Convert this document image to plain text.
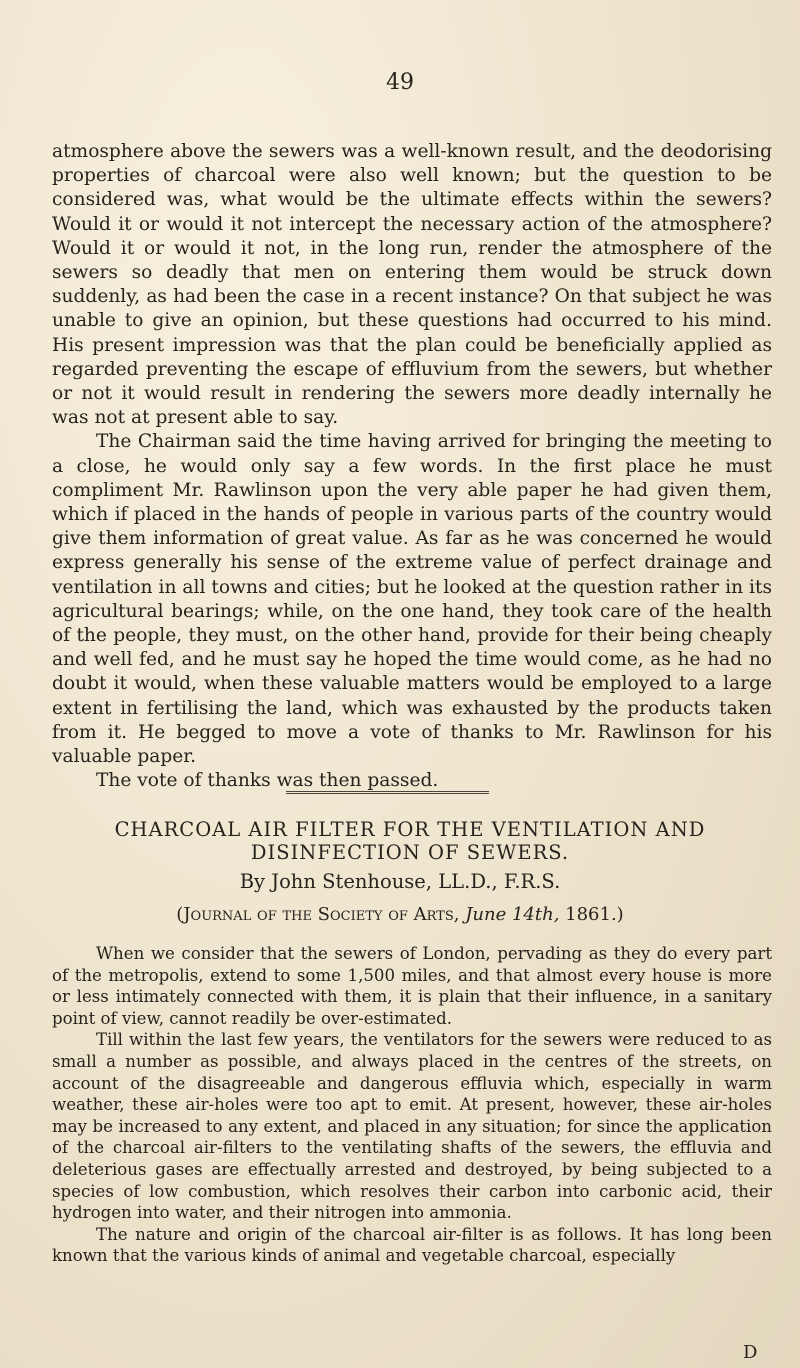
49

atmosphere above the sewers was a well-known result, and the deodorising properties of charcoal were also well known; but the question to be considered was, what would be the ultimate effects within the sewers? Would it or would it not intercept the necessary action of the atmosphere? Would it or would it not, in the long run, render the atmosphere of the sewers so deadly that men on entering them would be struck down suddenly, as had been the case in a recent instance? On that subject he was unable to give an opinion, but these questions had occurred to his mind. His present impression was that the plan could be beneficially applied as regarded preventing the escape of effluvium from the sewers, but whether or not it would result in rendering the sewers more deadly internally he was not at present able to say.

The Chairman said the time having arrived for bringing the meeting to a close, he would only say a few words. In the first place he must compliment Mr. Rawlinson upon the very able paper he had given them, which if placed in the hands of people in various parts of the country would give them information of great value. As far as he was concerned he would express generally his sense of the extreme value of perfect drainage and ventilation in all towns and cities; but he looked at the question rather in its agricultural bearings; while, on the one hand, they took care of the health of the people, they must, on the other hand, provide for their being cheaply and well fed, and he must say he hoped the time would come, as he had no doubt it would, when these valuable matters would be employed to a large extent in fertilising the land, which was exhausted by the products taken from it. He begged to move a vote of thanks to Mr. Rawlinson for his valuable paper.

The vote of thanks was then passed.

CHARCOAL AIR FILTER FOR THE VENTILATION AND DISINFECTION OF SEWERS.

By John Stenhouse, LL.D., F.R.S.

(Journal of the Society of Arts, June 14th, 1861.)

When we consider that the sewers of London, pervading as they do every part of the metropolis, extend to some 1,500 miles, and that almost every house is more or less intimately connected with them, it is plain that their influence, in a sanitary point of view, cannot readily be over-estimated.

Till within the last few years, the ventilators for the sewers were reduced to as small a number as possible, and always placed in the centres of the streets, on account of the disagreeable and dangerous effluvia which, especially in warm weather, these air-holes were too apt to emit. At present, however, these air-holes may be increased to any extent, and placed in any situation; for since the application of the charcoal air-filters to the ventilating shafts of the sewers, the effluvia and deleterious gases are effectually arrested and destroyed, by being subjected to a species of low combustion, which resolves their carbon into carbonic acid, their hydrogen into water, and their nitrogen into ammonia.

The nature and origin of the charcoal air-filter is as follows. It has long been known that the various kinds of animal and vegetable charcoal, especially

D
